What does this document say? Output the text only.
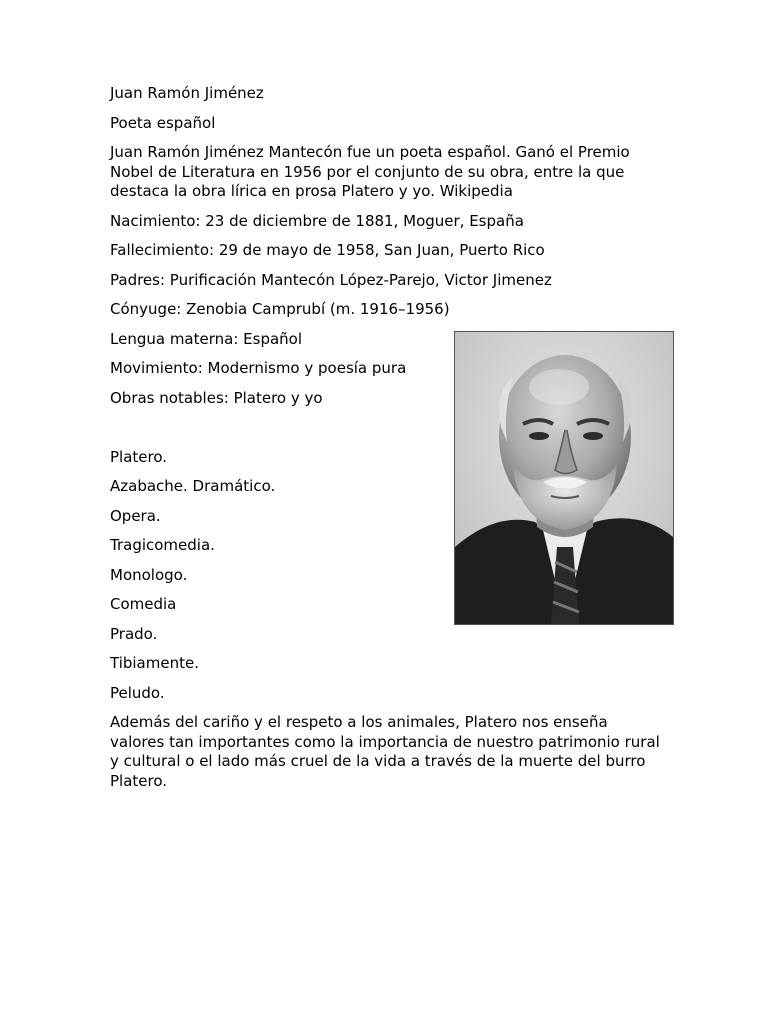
Juan Ramón Jiménez

Poeta español

Juan Ramón Jiménez Mantecón fue un poeta español. Ganó el Premio Nobel de Literatura en 1956 por el conjunto de su obra, entre la que destaca la obra lírica en prosa Platero y yo. Wikipedia

Nacimiento: 23 de diciembre de 1881, Moguer, España

Fallecimiento: 29 de mayo de 1958, San Juan, Puerto Rico

Padres: Purificación Mantecón López-Parejo, Victor Jimenez

Cónyuge: Zenobia Camprubí (m. 1916–1956)

Lengua materna: Español

Movimiento: Modernismo y poesía pura

Obras notables: Platero y yo

Platero.

Azabache. Dramático.

Opera.

Tragicomedia.

Monologo.

Comedia

Prado.

Tibiamente.

Peludo.

Además del cariño y el respeto a los animales, Platero nos enseña valores tan importantes como la importancia de nuestro patrimonio rural y cultural o el lado más cruel de la vida a través de la muerte del burro Platero.
